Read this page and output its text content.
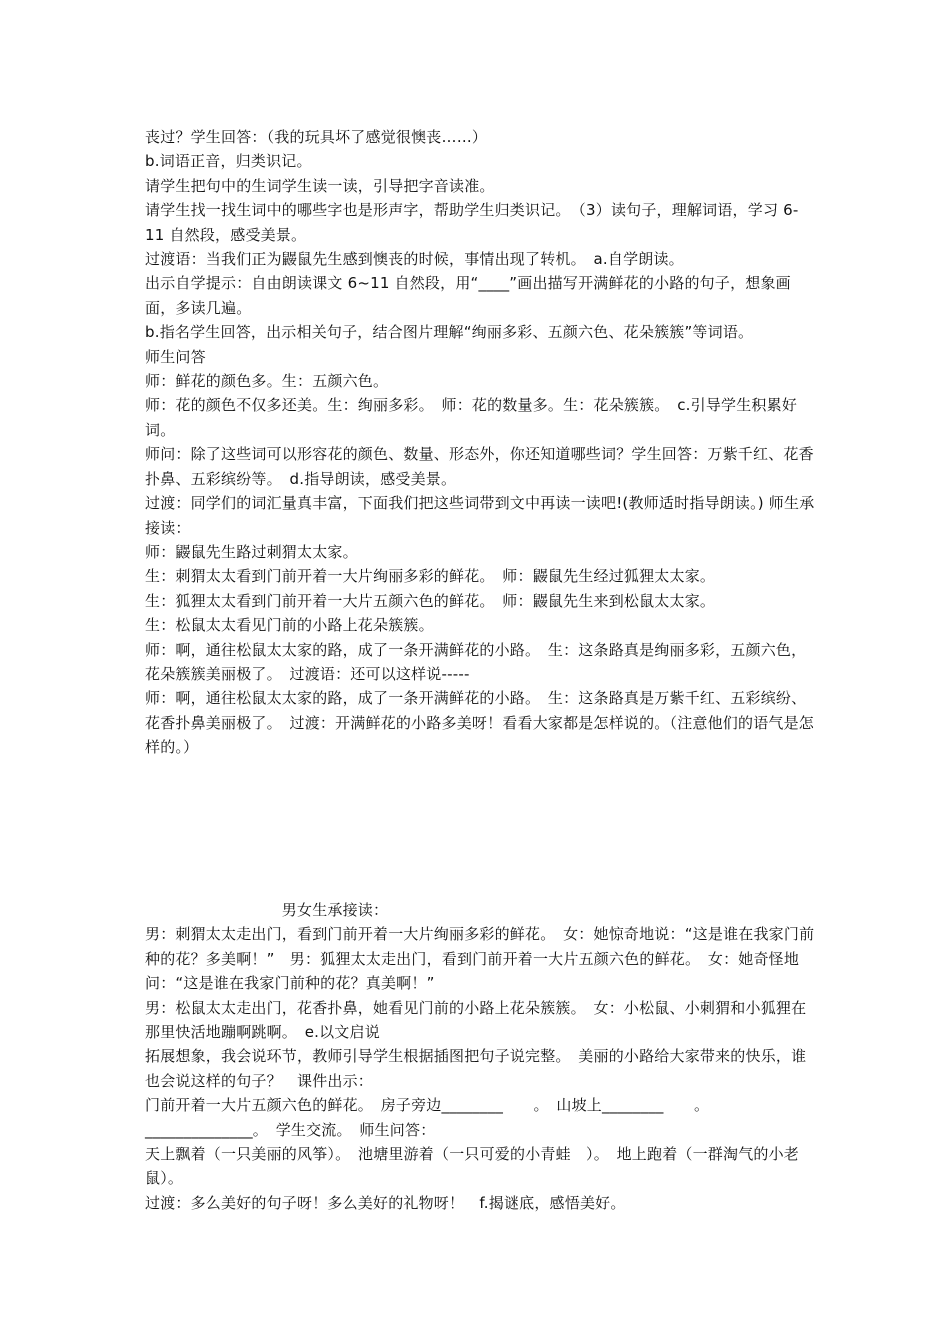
丧过？学生回答：（我的玩具坏了感觉很懊丧……）

b.词语正音，归类识记。

请学生把句中的生词学生读一读，引导把字音读准。

请学生找一找生词中的哪些字也是形声字，帮助学生归类识记。　（3）读句子，理解词语，学习 6-11 自然段，感受美景。

过渡语：当我们正为鼹鼠先生感到懊丧的时候，事情出现了转机。　a.自学朗读。

出示自学提示：自由朗读课文 6~11 自然段，用“____”画出描写开满鲜花的小路的句子，想象画面，多读几遍。

b.指名学生回答，出示相关句子，结合图片理解“绚丽多彩、五颜六色、花朵簇簇”等词语。

师生问答

师：鲜花的颜色多。生：五颜六色。

师：花的颜色不仅多还美。生：绚丽多彩。　师：花的数量多。生：花朵簇簇。　c.引导学生积累好词。

师问：除了这些词可以形容花的颜色、数量、形态外，你还知道哪些词？学生回答：万紫千红、花香扑鼻、五彩缤纷等。　d.指导朗读，感受美景。

过渡：同学们的词汇量真丰富，下面我们把这些词带到文中再读一读吧!(教师适时指导朗读。) 师生承接读：

师：鼹鼠先生路过刺猬太太家。

生：刺猬太太看到门前开着一大片绚丽多彩的鲜花。　师：鼹鼠先生经过狐狸太太家。

生：狐狸太太看到门前开着一大片五颜六色的鲜花。　师：鼹鼠先生来到松鼠太太家。

生：松鼠太太看见门前的小路上花朵簇簇。

师：啊，通往松鼠太太家的路，成了一条开满鲜花的小路。　生：这条路真是绚丽多彩，五颜六色，花朵簇簇美丽极了。　过渡语：还可以这样说-----

师：啊，通往松鼠太太家的路，成了一条开满鲜花的小路。　生：这条路真是万紫千红、五彩缤纷、花香扑鼻美丽极了。　过渡：开满鲜花的小路多美呀！看看大家都是怎样说的。（注意他们的语气是怎样的。）

　　　　　　　　　男女生承接读：

男：刺猬太太走出门，看到门前开着一大片绚丽多彩的鲜花。　女：她惊奇地说：“这是谁在我家门前种的花？多美啊！”　男：狐狸太太走出门，看到门前开着一大片五颜六色的鲜花。　女：她奇怪地问：“这是谁在我家门前种的花？真美啊！”

男：松鼠太太走出门，花香扑鼻，她看见门前的小路上花朵簇簇。　女：小松鼠、小刺猬和小狐狸在那里快活地蹦啊跳啊。　e.以文启说

拓展想象，我会说环节，教师引导学生根据插图把句子说完整。　美丽的小路给大家带来的快乐，谁也会说这样的句子？　课件出示：

门前开着一大片五颜六色的鲜花。　房子旁边________　　。　山坡上________　　。______________。　学生交流。　师生问答：

天上飘着（一只美丽的风筝）。　池塘里游着（一只可爱的小青蛙　）。　地上跑着（一群淘气的小老鼠）。

过渡：多么美好的句子呀！多么美好的礼物呀！　f.揭谜底，感悟美好。
